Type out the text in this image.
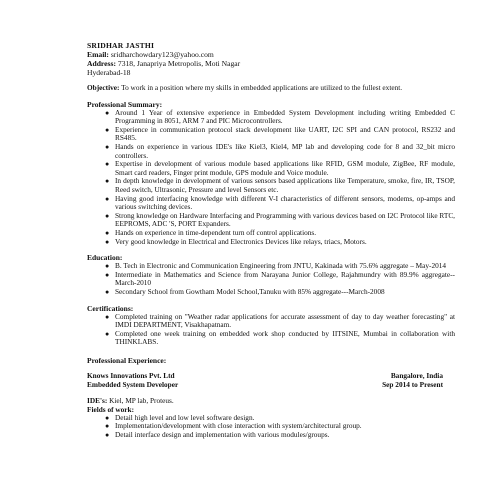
SRIDHAR JASTHI
Email: sridharchowdary123@yahoo.com
Address: 7318, Janapriya Metropolis, Moti Nagar
Hyderabad-18
Objective: To work in a position where my skills in embedded applications are utilized to the fullest extent.
Professional Summary:
● Around 1 Year of extensive experience in Embedded System Development including writing Embedded C Programming in 8051, ARM 7 and PIC Microcontrollers.
● Experience in communication protocol stack development like UART, I2C SPI and CAN protocol, RS232 and RS485.
● Hands on experience in various IDE's like Kiel3, Kiel4, MP lab and developing code for 8 and 32_bit micro controllers.
● Expertise in development of various module based applications like RFID, GSM module, ZigBee, RF module, Smart card readers, Finger print module, GPS module and Voice module.
● In depth knowledge in development of various sensors based applications like Temperature, smoke, fire, IR, TSOP, Reed switch, Ultrasonic, Pressure and level Sensors etc.
● Having good interfacing knowledge with different V-I characteristics of different sensors, modems, op-amps and various switching devices.
● Strong knowledge on Hardware Interfacing and Programming with various devices based on I2C Protocol like RTC, EEPROMS, ADC 'S, PORT Expanders.
● Hands on experience in time-dependent turn off control applications.
● Very good knowledge in Electrical and Electronics Devices like relays, triacs, Motors.
Education:
● B. Tech in Electronic and Communication Engineering from JNTU, Kakinada with 75.6% aggregate – May-2014
● Intermediate in Mathematics and Science from Narayana Junior College, Rajahmundry with 89.9% aggregate--March-2010
● Secondary School from Gowtham Model School,Tanuku with 85% aggregate---March-2008
Certifications:
● Completed training on "Weather radar applications for accurate assessment of day to day weather forecasting" at IMDI DEPARTMENT, Visakhapatnam.
● Completed one week training on embedded work shop conducted by IITSINE, Mumbai in collaboration with THINKLABS.
Professional Experience:
Knows Innovations Pvt. Ltd	Bangalore, India
Embedded System Developer	Sep 2014 to Present
IDE's: Kiel, MP lab, Proteus.
Fields of work:
● Detail high level and low level software design.
● Implementation/development with close interaction with system/architectural group.
● Detail interface design and implementation with various modules/groups.
